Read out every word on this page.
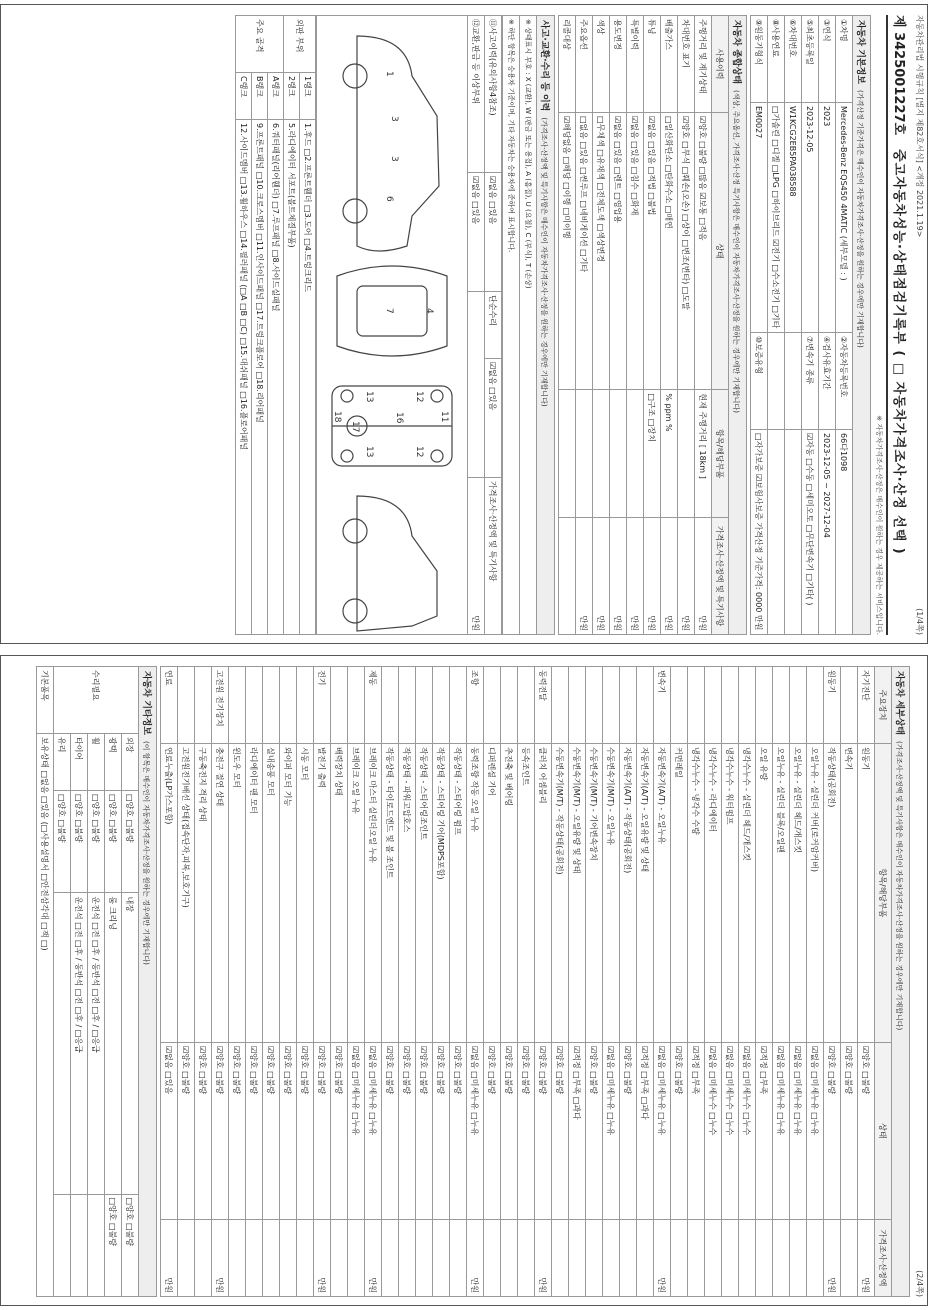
자동차관리법 시행규칙 [별지 제82호서식] <개정 2021.1.19>
(1/4쪽)
제 3425001227호
중고자동차성능·상태점검기록부 ( □ 자동차가격조사·산정 선택 )
※ 자동차가격조사·산정은 매수인이 원하는 경우 제공하는 서비스입니다.
자동차 기본정보(가격산정 기준가격은 매수인이 자동차가격조사·산정을 원하는 경우에만 기재합니다)
①차명	Mercedes-Benz EQS450 4MATIC (세부모델 : )	②자동차등록번호	66다1098
③연식	2023	④검사유효기간	2023-12-05 ~ 2027-12-04
⑤최초등록일	2023-12-05	⑦변속기 종류	☑자동 □수동 □세미오토 □무단변속기 □기타( )
⑥차대번호	W1KCG2EB5PA038588		
⑧사용연료	□가솔린 □디젤 □LPG □하이브리드 ☑전기 □수소전기 □기타		
⑨원동기형식	EM0027	⑩보증유형	□자가보증 ☑보험사보증 가격산정 기준가격: 0000 만원
자동차 종합상태(색상, 주요옵션, 가격조사·산정 특기사항은 매수인이 자동차가격조사·산정을 원하는 경우에만 기재합니다)
사용이력	상태	항목/해당부품	가격조사·산정액 및 특기사항
주행거리 및 계기상태	☑양호 □불량 □많음 ☑보통 □적음	현재 주행거리 [ 18km ]	만원
차대번호 표기	☑양호 □부식 □훼손(오손) □상이 □변조(변타) □도말		만원
배출가스	□일산화탄소 □탄화수소 □매연	% ppm %	만원
튜닝	☑없음 □있음 □적법 □불법	□구조 □장치	만원
특별이력	☑없음 □있음 □침수 □화재		만원
용도변경	☑없음 □있음 □렌트 □영업용		만원
색상	□무채색 □유채색 □전체도색 □색상변경		만원
주요옵션	□없음 □있음 □썬루프 □네비게이션 □기타		만원
리콜대상	☑해당없음 □해당 □이행 □미이행		
사고·교환·수리 등 이력(가격조사·산정액 및 특기사항은 매수인이 자동차가격조사·산정을 원하는 경우에만 기재합니다)
※ 상태표시 부호 : X (교환), W (판금 또는 용접), A (흠집), U (요철), C (부식), T (손상)
※ 하단 항목은 승용차 기준이며, 기타 자동차는 승용차에 준하여 표시합니다.
⑪사고이력(유의사항4참조)	☑없음 □있음	단순수리	☑없음 □있음	가격조사·산정액 및 특기사항
⑫교환,판금 등 이상부위	☑없음 □있음			만원
1
3
3
6
4
7
16
17
12
12
13
13
11
18
외판 부위	1랭크	1.후드 □2.프론트휀더 □3.도어 □4.트렁크리드
	2랭크	5.라디에이터 서포트(볼트체결부품)
주요 골격	A랭크	6.쿼터패널(리어휀더) □7.루프패널 □8.사이드실패널
	B랭크	9.프론트패널 □10.크로스멤버 □11.인사이드패널 □17.트렁크플로어 □18.리어패널
	C랭크	12.사이드멤버 □13.휠하우스 □14.필러패널 (□A □B □C) □15.대쉬패널 □16.플로어패널
(2/4쪽)
자동차 세부상태(가격조사·산정액 및 특기사항은 매수인이 자동차가격조사·산정을 원하는 경우에만 기재합니다)
주요장치	항목/해당부품	상태	가격조사·산정액
자기진단	원동기	☑양호 □불량	만원
	변속기	☑양호 □불량	
원동기	작동상태(공회전)	☑양호 □불량	만원
	오일누유 - 실린더 커버(로커암커버)	☑없음 □미세누유 □누유	
	오일누유 - 실린더 헤드/개스킷	☑없음 □미세누유 □누유	
	오일누유 - 실린더 블록/오일팬	☑없음 □미세누유 □누유	
	오일 유량	☑적정 □부족	
	냉각수누수 - 실린더 헤드/개스킷	☑없음 □미세누수 □누수	
	냉각수누수 - 워터펌프	☑없음 □미세누수 □누수	
	냉각수누수 - 라디에이터	☑없음 □미세누수 □누수	
	냉각수누수 - 냉각수 수량	☑적정 □부족	
	커먼레일	☑양호 □불량	
변속기	자동변속기(A/T) - 오일누유	☑없음 □미세누유 □누유	만원
	자동변속기(A/T) - 오일유량 및 상태	☑적정 □부족 □과다	
	자동변속기(A/T) - 작동상태(공회전)	☑양호 □불량	
	수동변속기(M/T) - 오일누유	☑없음 □미세누유 □누유	
	수동변속기(M/T) - 기어변속장치	☑양호 □불량	
	수동변속기(M/T) - 오일유량 및 상태	☑적정 □부족 □과다	
	수동변속기(M/T) - 작동상태(공회전)	☑양호 □불량	
동력전달	클러치 어셈블리	☑양호 □불량	만원
	등속조인트	☑양호 □불량	
	추진축 및 베어링	☑양호 □불량	
	디퍼렌셜 기어	☑양호 □불량	
조향	동력조향 작동 오일 누유	☑없음 □미세누유 □누유	만원
	작동상태 - 스티어링 펌프	☑양호 □불량	
	작동상태 - 스티어링 기어(MDPS포함)	☑양호 □불량	
	작동상태 - 스티어링조인트	☑양호 □불량	
	작동상태 - 파워고압호스	☑양호 □불량	
	작동상태 - 타이로드엔드 및 볼 조인트	☑양호 □불량	
제동	브레이크 마스터 실린더오일 누유	☑없음 □미세누유 □누유	만원
	브레이크 오일 누유	☑없음 □미세누유 □누유	
	배력장치 상태	☑양호 □불량	
전기	발전기 출력	☑양호 □불량	만원
	시동 모터	☑양호 □불량	
	와이퍼 모터 기능	☑양호 □불량	
	실내송풍 모터	☑양호 □불량	
	라디에이터 팬 모터	☑양호 □불량	
	윈도우 모터	☑양호 □불량	
고전원 전기장치	충전구 절연 상태	☑양호 □불량	만원
	구동축전지 격리 상태	☑양호 □불량	
	고전원전기배선 상태(접속단자,피복,보호기구)	☑양호 □불량	
연료	연료누출(LP가스포함)	☑없음 □있음	만원
자동차 기타정보(이 항목은 매수인이 자동차가격조사·산정을 원하는 경우에만 기재합니다)
수리필요	외장	□양호 □불량	내장	□양호 □불량
	광택	□양호 □불량	룸 크리닝	□양호 □불량
	휠	□양호 □불량	운전석 □전 □후 / 동반석 □전 □후 / □응급	
	타이어	□양호 □불량	운전석 □전 □후 / 동반석 □전 □후 / □응급	
	유리	□양호 □불량		
기본품목	보유상태 □없음 □있음 (□사용설명서 □안전삼각대 □잭 □)			
